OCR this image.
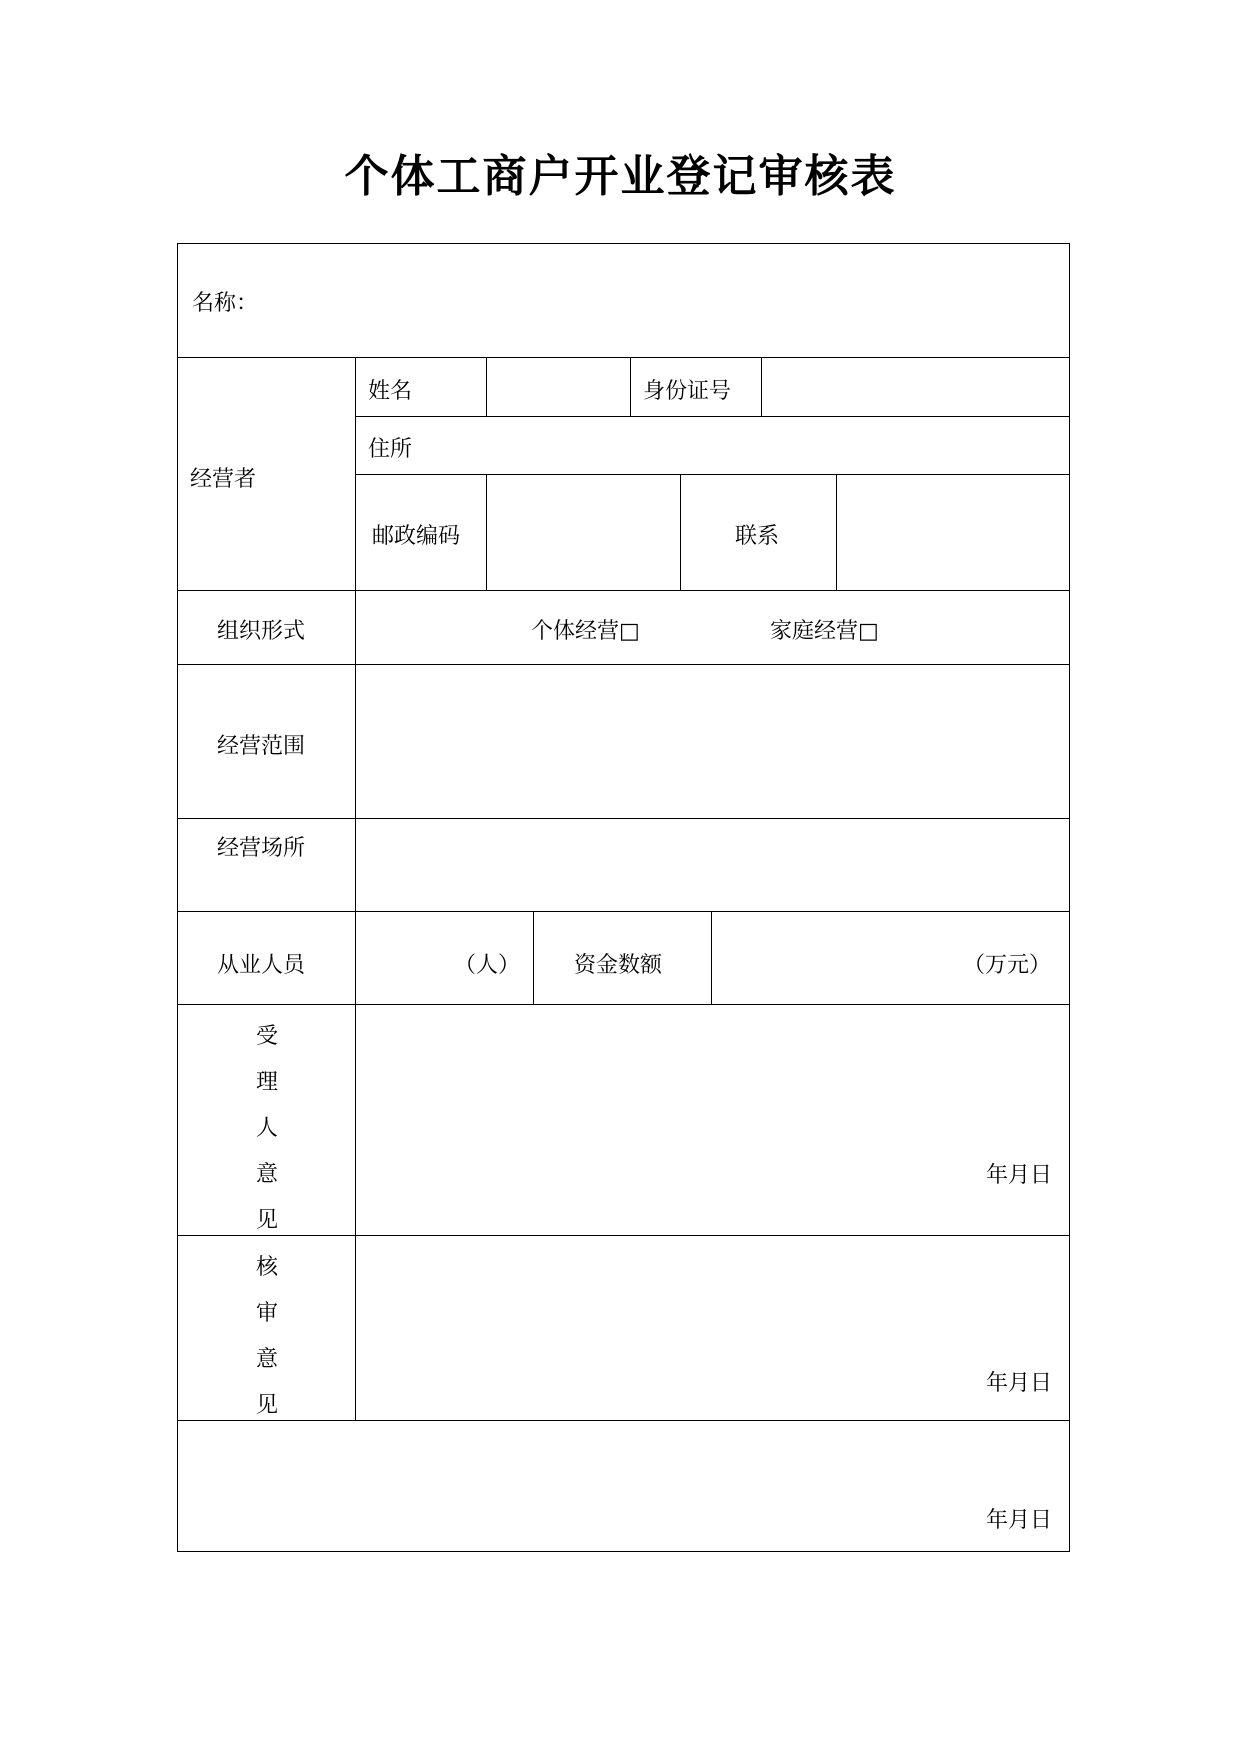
个体工商户开业登记审核表
名称：
经营者
姓名	身份证号
住所
邮政编码	联系
组织形式	个体经营□	家庭经营□
经营范围
经营场所
从业人员	（人） 资金数额	（万元）
受
理
人
意
见
年月日
核
审
意
见
年月日
年月日
